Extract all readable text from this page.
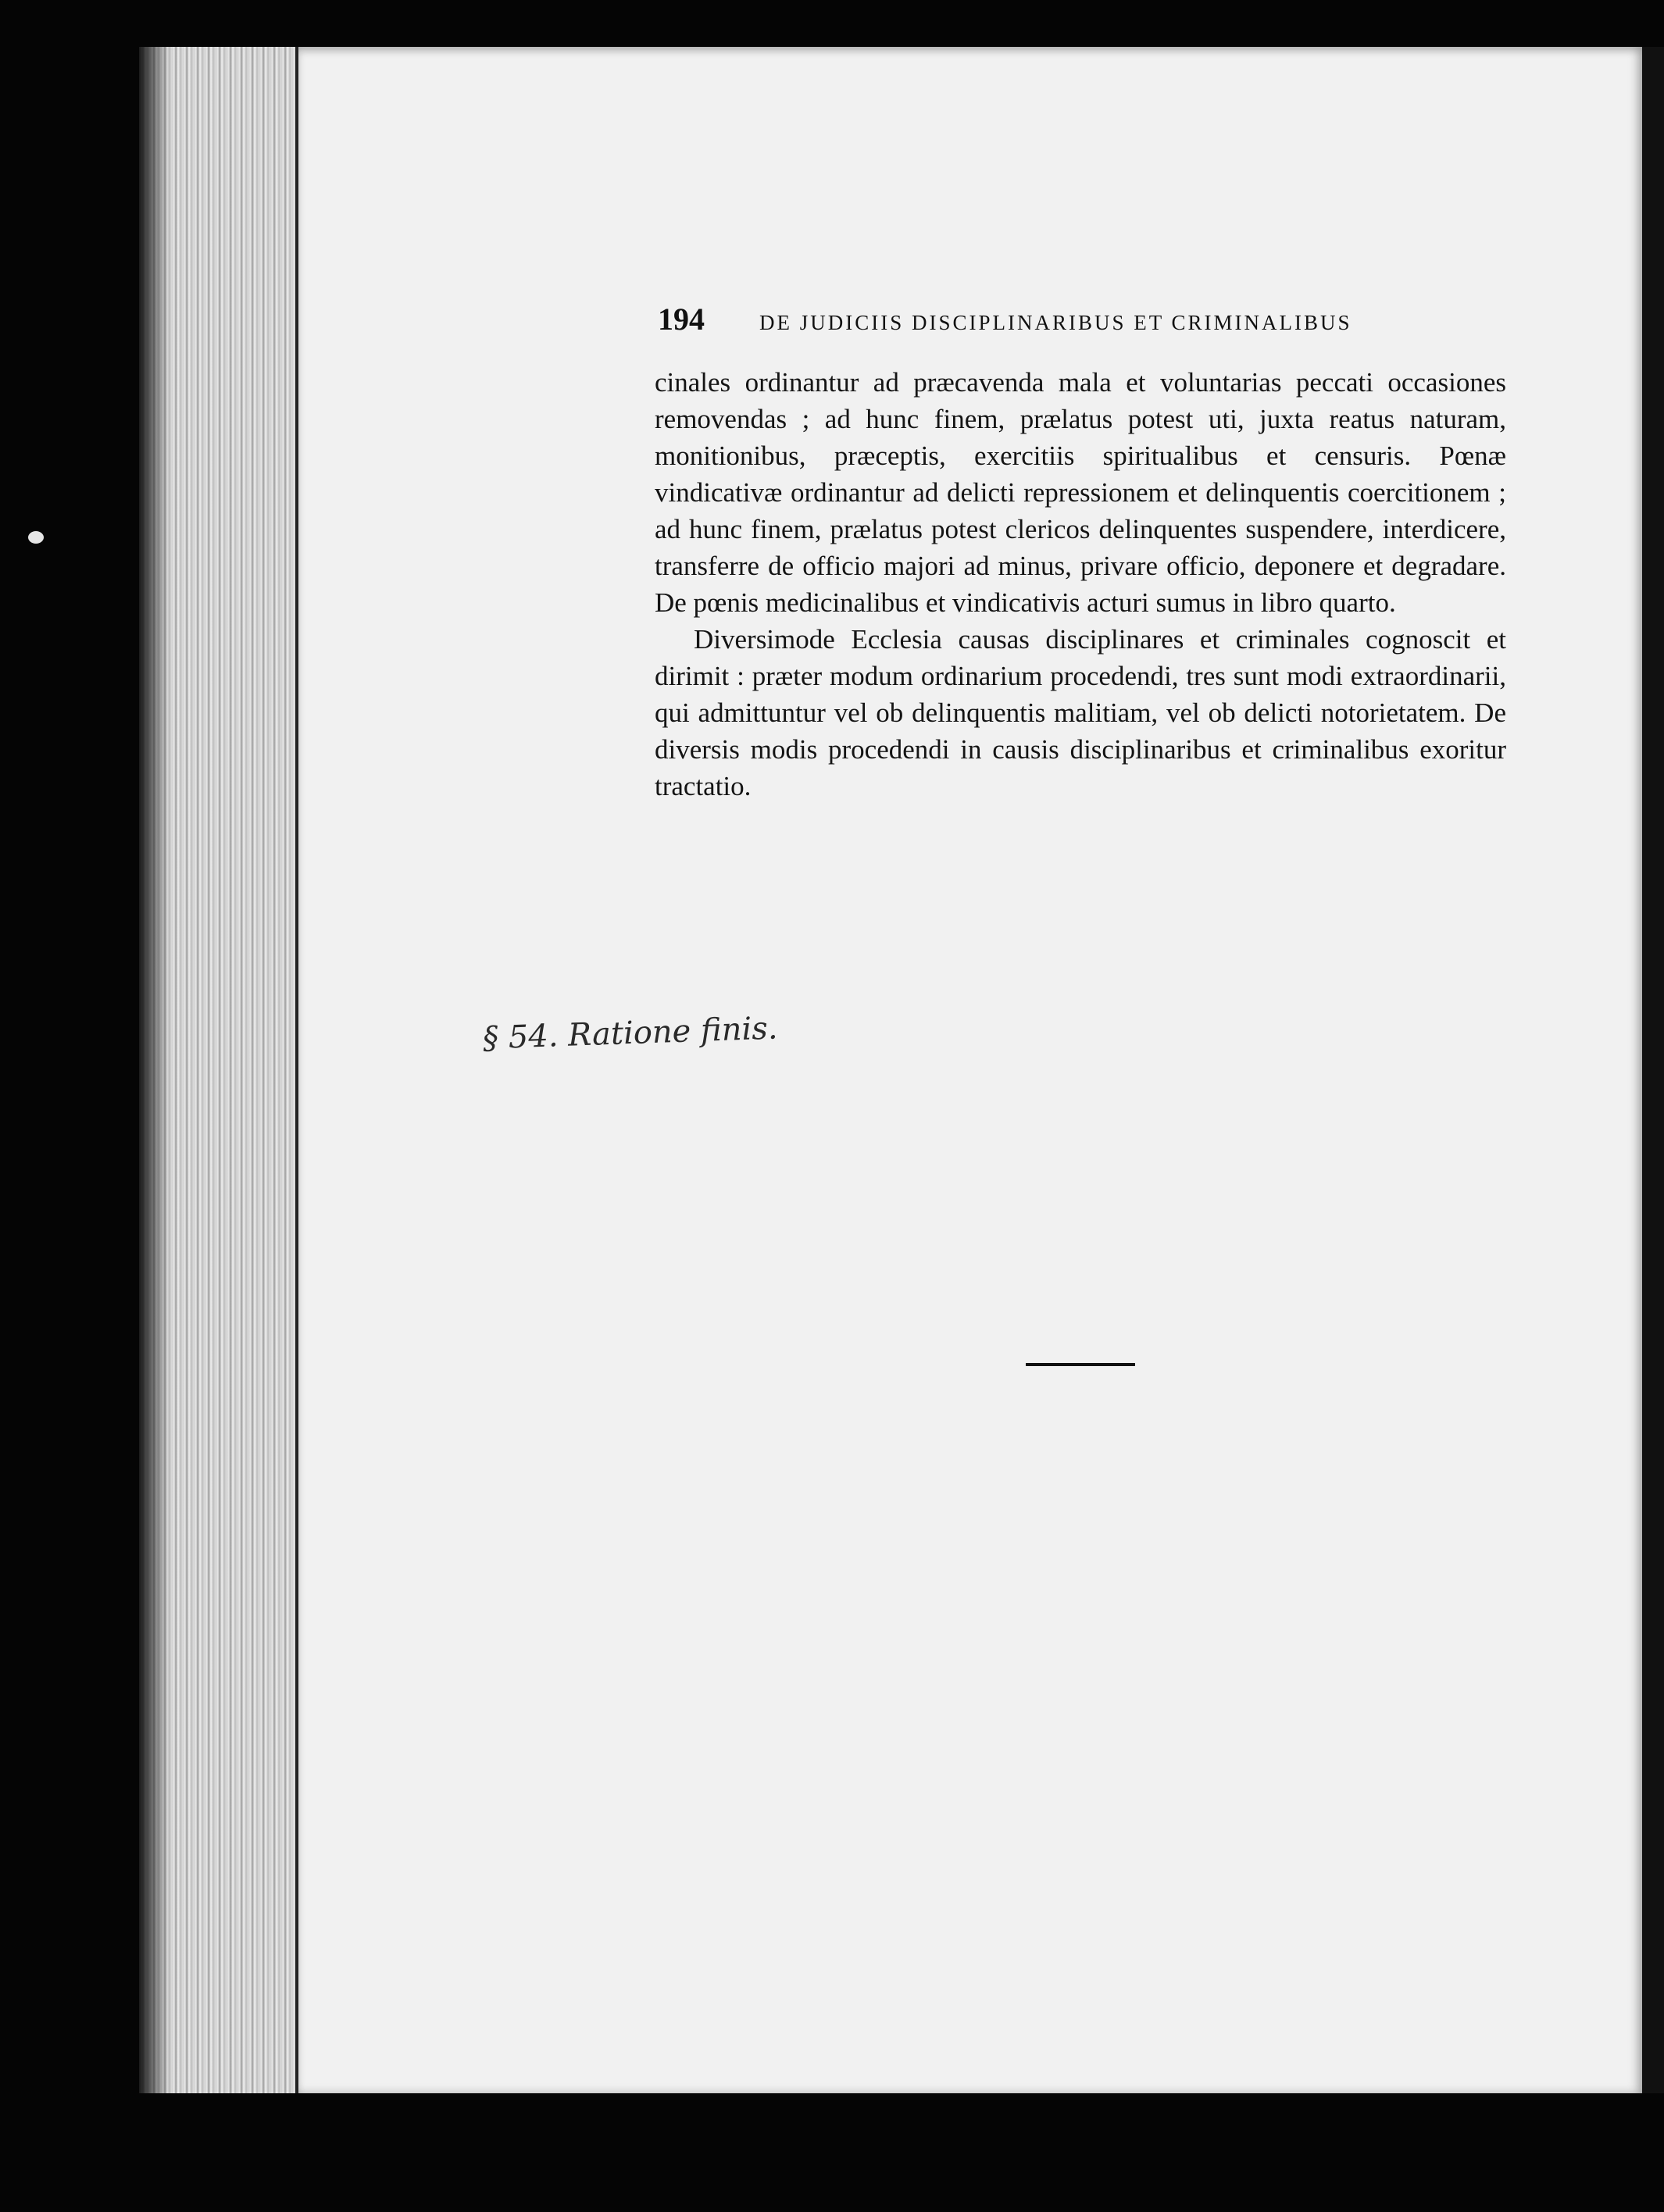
194	DE JUDICIIS DISCIPLINARIBUS ET CRIMINALIBUS

cinales ordinantur ad præcavenda mala et voluntarias peccati occasiones removendas ; ad hunc finem, prælatus potest uti, juxta reatus naturam, monitionibus, præceptis, exercitiis spiritualibus et censuris. Pœnæ vindicativæ ordinantur ad delicti repressionem et delinquentis coercitionem ; ad hunc finem, prælatus potest clericos delinquentes suspendere, interdicere, transferre de officio majori ad minus, privare officio, deponere et degradare. De pœnis medicinalibus et vindicativis acturi sumus in libro quarto.

Diversimode Ecclesia causas disciplinares et criminales cognoscit et dirimit : præter modum ordinarium procedendi, tres sunt modi extraordinarii, qui admittuntur vel ob delinquentis malitiam, vel ob delicti notorietatem. De diversis modis procedendi in causis disciplinaribus et criminalibus exoritur tractatio.

§ 54. Ratione finis.
